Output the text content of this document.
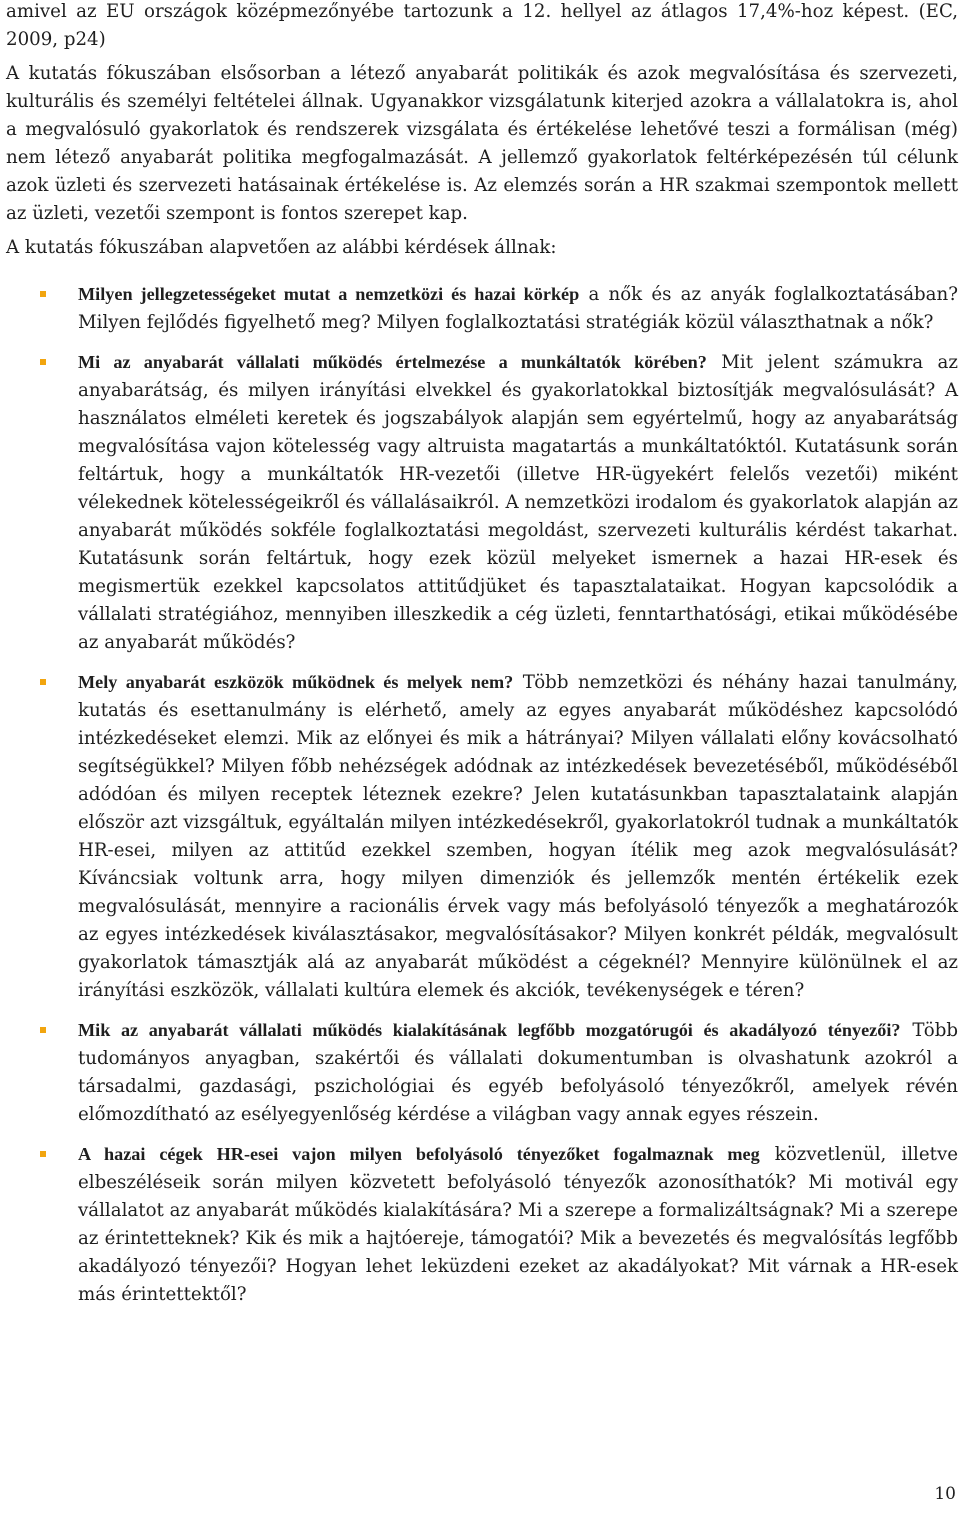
amivel az EU országok középmezőnyébe tartozunk a 12. hellyel az átlagos 17,4%-hoz képest. (EC, 2009, p24)

A kutatás fókuszában elsősorban a létező anyabarát politikák és azok megvalósítása és szervezeti, kulturális és személyi feltételei állnak. Ugyanakkor vizsgálatunk kiterjed azokra a vállalatokra is, ahol a megvalósuló gyakorlatok és rendszerek vizsgálata és értékelése lehetővé teszi a formálisan (még) nem létező anyabarát politika megfogalmazását. A jellemző gyakorlatok feltérképezésén túl célunk azok üzleti és szervezeti hatásainak értékelése is. Az elemzés során a HR szakmai szempontok mellett az üzleti, vezetői szempont is fontos szerepet kap.

A kutatás fókuszában alapvetően az alábbi kérdések állnak:

Milyen jellegzetességeket mutat a nemzetközi és hazai körkép a nők és az anyák foglalkoztatásában? Milyen fejlődés figyelhető meg? Milyen foglalkoztatási stratégiák közül választhatnak a nők?

Mi az anyabarát vállalati működés értelmezése a munkáltatók körében? Mit jelent számukra az anyabarátság, és milyen irányítási elvekkel és gyakorlatokkal biztosítják megvalósulását? A használatos elméleti keretek és jogszabályok alapján sem egyértelmű, hogy az anyabarátság megvalósítása vajon kötelesség vagy altruista magatartás a munkáltatóktól. Kutatásunk során feltártuk, hogy a munkáltatók HR-vezetői (illetve HR-ügyekért felelős vezetői) miként vélekednek kötelességeikről és vállalásaikról. A nemzetközi irodalom és gyakorlatok alapján az anyabarát működés sokféle foglalkoztatási megoldást, szervezeti kulturális kérdést takarhat. Kutatásunk során feltártuk, hogy ezek közül melyeket ismernek a hazai HR-esek és megismertük ezekkel kapcsolatos attitűdjüket és tapasztalataikat. Hogyan kapcsolódik a vállalati stratégiához, mennyiben illeszkedik a cég üzleti, fenntarthatósági, etikai működésébe az anyabarát működés?

Mely anyabarát eszközök működnek és melyek nem? Több nemzetközi és néhány hazai tanulmány, kutatás és esettanulmány is elérhető, amely az egyes anyabarát működéshez kapcsolódó intézkedéseket elemzi. Mik az előnyei és mik a hátrányai? Milyen vállalati előny kovácsolható segítségükkel? Milyen főbb nehézségek adódnak az intézkedések bevezetéséből, működéséből adódóan és milyen receptek léteznek ezekre? Jelen kutatásunkban tapasztalataink alapján először azt vizsgáltuk, egyáltalán milyen intézkedésekről, gyakorlatokról tudnak a munkáltatók HR-esei, milyen az attitűd ezekkel szemben, hogyan ítélik meg azok megvalósulását? Kíváncsiak voltunk arra, hogy milyen dimenziók és jellemzők mentén értékelik ezek megvalósulását, mennyire a racionális érvek vagy más befolyásoló tényezők a meghatározók az egyes intézkedések kiválasztásakor, megvalósításakor? Milyen konkrét példák, megvalósult gyakorlatok támasztják alá az anyabarát működést a cégeknél? Mennyire különülnek el az irányítási eszközök, vállalati kultúra elemek és akciók, tevékenységek e téren?

Mik az anyabarát vállalati működés kialakításának legfőbb mozgatórugói és akadályozó tényezői? Több tudományos anyagban, szakértői és vállalati dokumentumban is olvashatunk azokról a társadalmi, gazdasági, pszichológiai és egyéb befolyásoló tényezőkről, amelyek révén előmozdítható az esélyegyenlőség kérdése a világban vagy annak egyes részein.

A hazai cégek HR-esei vajon milyen befolyásoló tényezőket fogalmaznak meg közvetlenül, illetve elbeszéléseik során milyen közvetett befolyásoló tényezők azonosíthatók? Mi motivál egy vállalatot az anyabarát működés kialakítására? Mi a szerepe a formalizáltságnak? Mi a szerepe az érintetteknek? Kik és mik a hajtóereje, támogatói? Mik a bevezetés és megvalósítás legfőbb akadályozó tényezői? Hogyan lehet leküzdeni ezeket az akadályokat? Mit várnak a HR-esek más érintettektől?

10
